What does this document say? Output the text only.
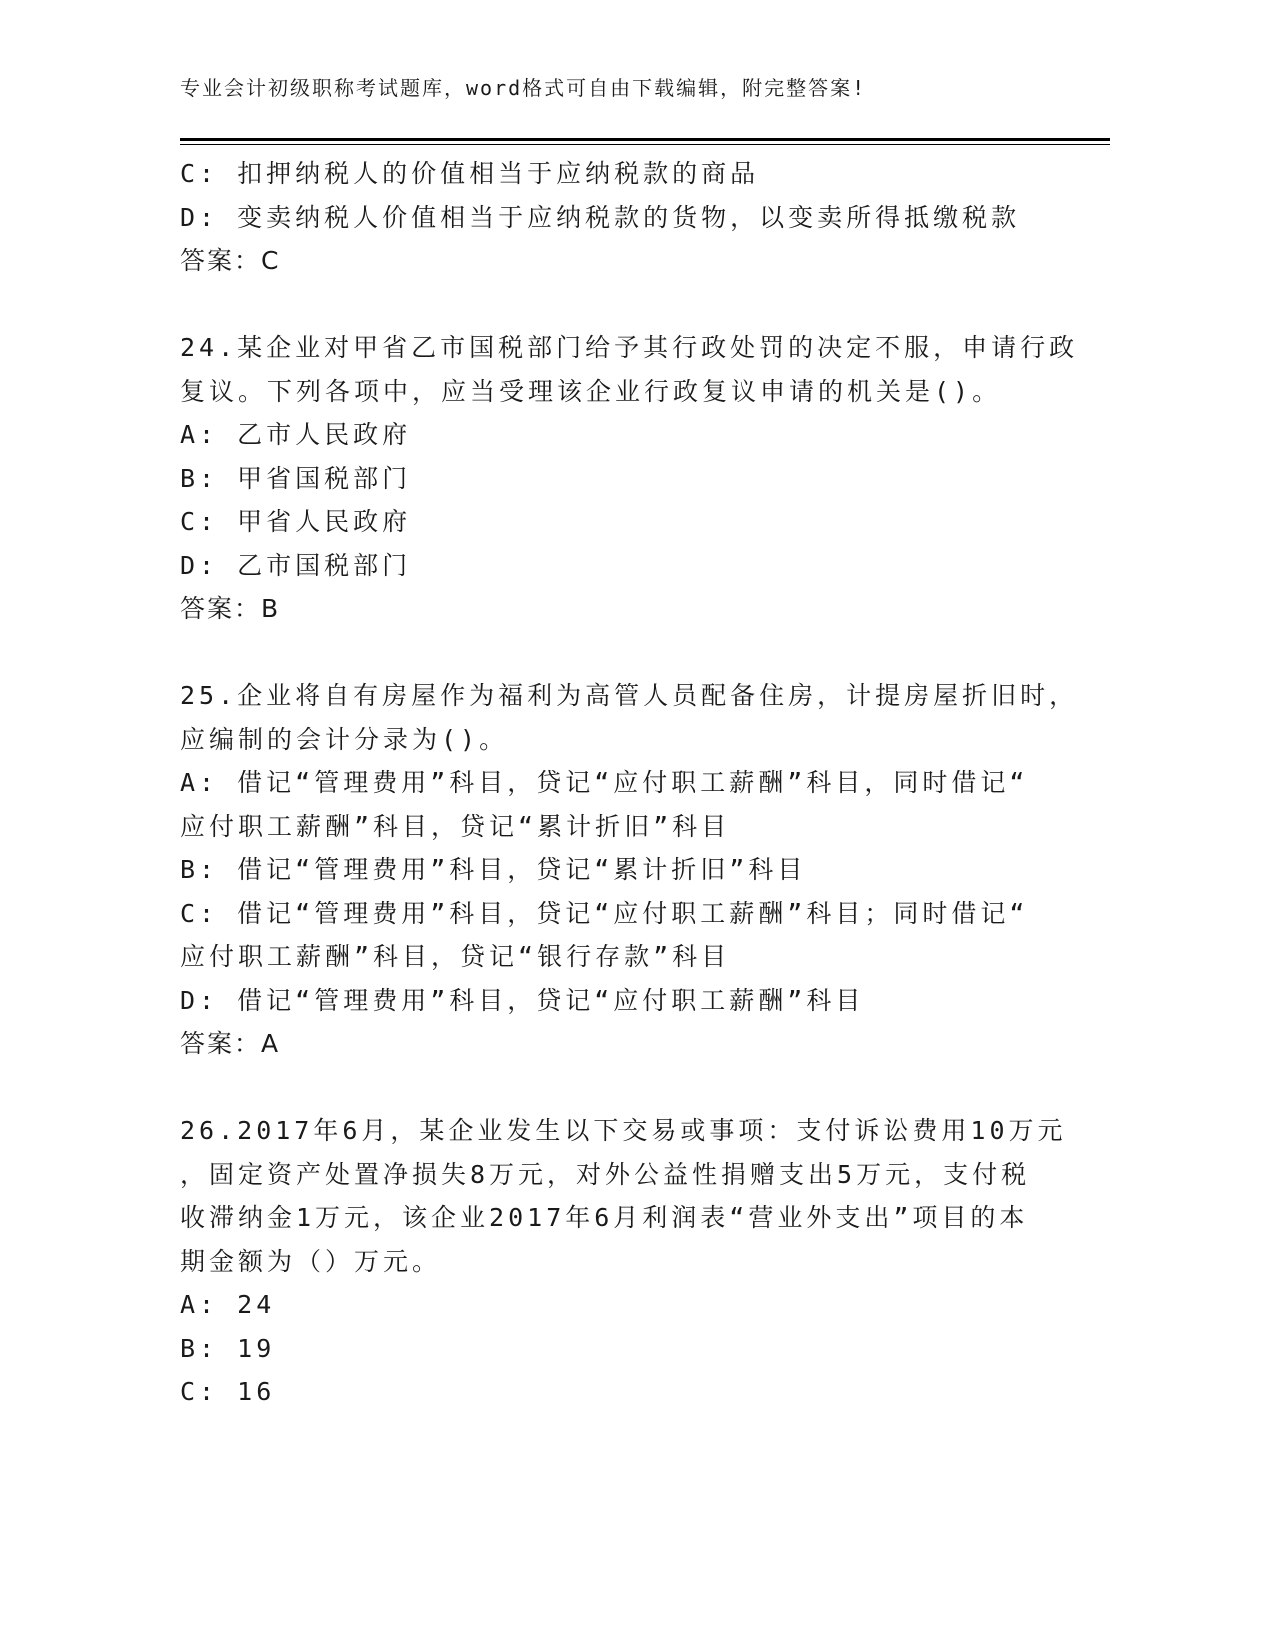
专业会计初级职称考试题库，word格式可自由下载编辑，附完整答案!
C: 扣押纳税人的价值相当于应纳税款的商品
D: 变卖纳税人价值相当于应纳税款的货物，以变卖所得抵缴税款
答案：C
24.某企业对甲省乙市国税部门给予其行政处罚的决定不服，申请行政
复议。下列各项中，应当受理该企业行政复议申请的机关是()。
A: 乙市人民政府
B: 甲省国税部门
C: 甲省人民政府
D: 乙市国税部门
答案：B
25.企业将自有房屋作为福利为高管人员配备住房，计提房屋折旧时，
应编制的会计分录为()。
A: 借记“管理费用”科目，贷记“应付职工薪酬”科目，同时借记“
应付职工薪酬”科目，贷记“累计折旧”科目
B: 借记“管理费用”科目，贷记“累计折旧”科目
C: 借记“管理费用”科目，贷记“应付职工薪酬”科目；同时借记“
应付职工薪酬”科目，贷记“银行存款”科目
D: 借记“管理费用”科目，贷记“应付职工薪酬”科目
答案：A
26.2017年6月，某企业发生以下交易或事项：支付诉讼费用10万元
，固定资产处置净损失8万元，对外公益性捐赠支出5万元，支付税
收滞纳金1万元，该企业2017年6月利润表“营业外支出”项目的本
期金额为（）万元。
A: 24
B: 19
C: 16
